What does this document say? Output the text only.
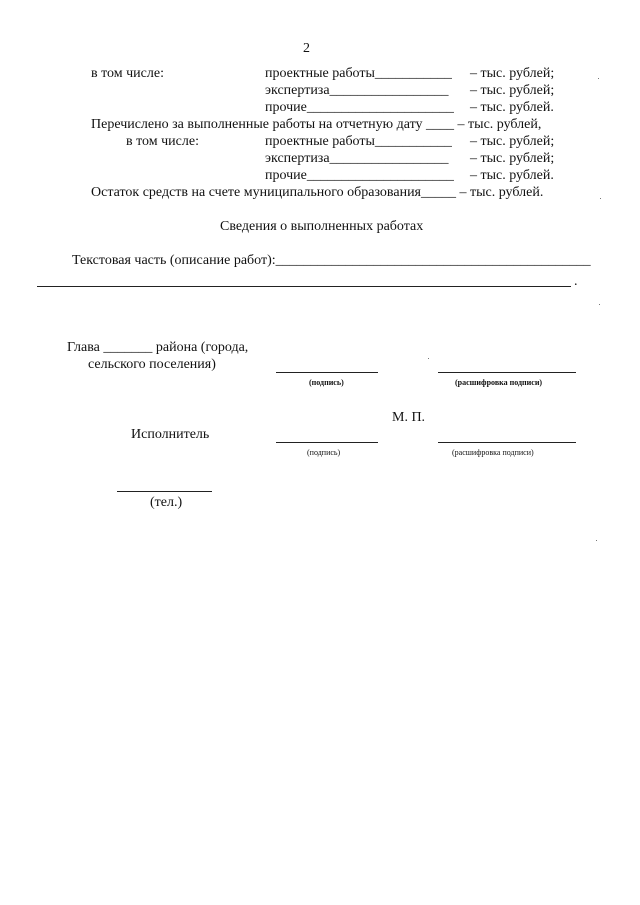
2
в том числе:	проектные работы___________ – тыс. рублей;
экспертиза_________________ – тыс. рублей;
прочие_____________________ – тыс. рублей.
Перечислено за выполненные работы на отчетную дату ____ – тыс. рублей,
в том числе:	проектные работы___________ – тыс. рублей;
экспертиза_________________ – тыс. рублей;
прочие_____________________ – тыс. рублей.
Остаток средств на счете муниципального образования_____ – тыс. рублей.
Сведения о выполненных работах
Текстовая часть (описание работ):_____________________________________________
.
Глава _______ района (города,
сельского поселения)
(подпись)	(расшифровка подписи)
М. П.
Исполнитель
(подпись)	(расшифровка подписи)
(тел.)
